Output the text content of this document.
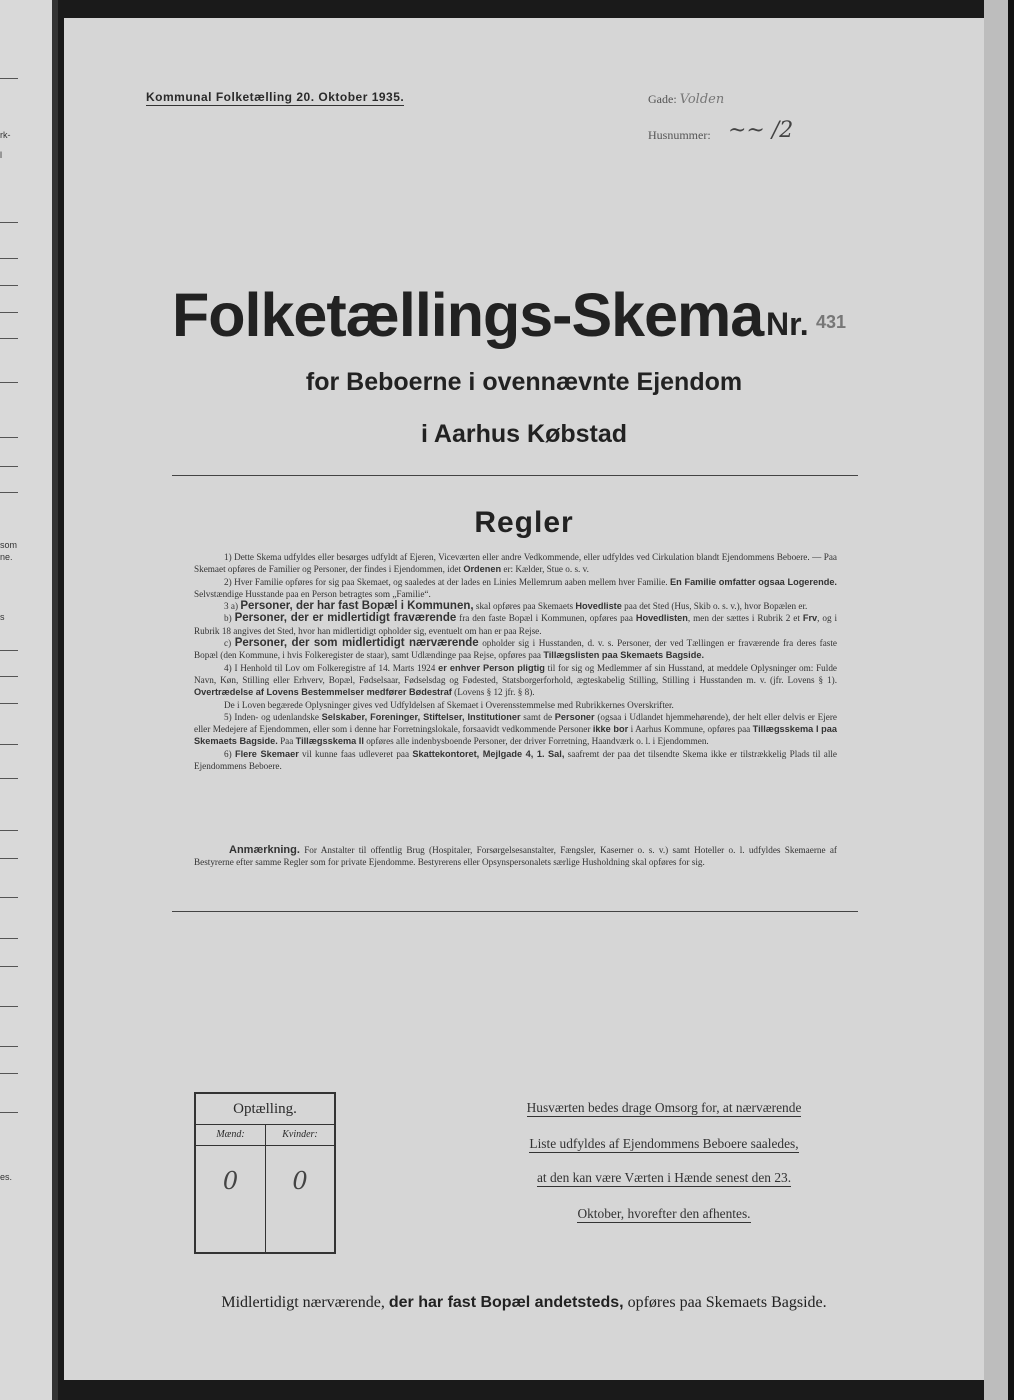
rk-
l
som
ne.
s
es.
Kommunal Folketælling 20. Oktober 1935.	Gade: Volden
Husnummer: ~~ /2
Folketællings-Skema Nr. 431
for Beboerne i ovennævnte Ejendom
i Aarhus Købstad
Regler

1) Dette Skema udfyldes eller besørges udfyldt af Ejeren, Viceværten eller andre Vedkommende, eller udfyldes ved Cirkulation blandt Ejendommens Beboere. — Paa Skemaet opføres de Familier og Personer, der findes i Ejendommen, idet Ordenen er: Kælder, Stue o. s. v.

2) Hver Familie opføres for sig paa Skemaet, og saaledes at der lades en Linies Mellemrum aaben mellem hver Familie. En Familie omfatter ogsaa Logerende. Selvstændige Husstande paa en Person betragtes som „Familie“.

3 a) Personer, der har fast Bopæl i Kommunen, skal opføres paa Skemaets Hovedliste paa det Sted (Hus, Skib o. s. v.), hvor Bopælen er.

b) Personer, der er midlertidigt fraværende fra den faste Bopæl i Kommunen, opføres paa Hovedlisten, men der sættes i Rubrik 2 et Frv, og i Rubrik 18 angives det Sted, hvor han midlertidigt opholder sig, eventuelt om han er paa Rejse.

c) Personer, der som midlertidigt nærværende opholder sig i Husstanden, d. v. s. Personer, der ved Tællingen er fraværende fra deres faste Bopæl (den Kommune, i hvis Folkeregister de staar), samt Udlændinge paa Rejse, opføres paa Tillægslisten paa Skemaets Bagside.

4) I Henhold til Lov om Folkeregistre af 14. Marts 1924 er enhver Person pligtig til for sig og Medlemmer af sin Husstand, at meddele Oplysninger om: Fulde Navn, Køn, Stilling eller Erhverv, Bopæl, Fødselsaar, Fødselsdag og Fødested, Statsborgerforhold, ægteskabelig Stilling, Stilling i Husstanden m. v. (jfr. Lovens § 1). Overtrædelse af Lovens Bestemmelser medfører Bødestraf (Lovens § 12 jfr. § 8).

De i Loven begærede Oplysninger gives ved Udfyldelsen af Skemaet i Overensstemmelse med Rubrikkernes Overskrifter.

5) Inden- og udenlandske Selskaber, Foreninger, Stiftelser, Institutioner samt de Personer (ogsaa i Udlandet hjemmehørende), der helt eller delvis er Ejere eller Medejere af Ejendommen, eller som i denne har Forretningslokale, forsaavidt vedkommende Personer ikke bor i Aarhus Kommune, opføres paa Tillægsskema I paa Skemaets Bagside. Paa Tillægsskema II opføres alle indenbysboende Personer, der driver Forretning, Haandværk o. l. i Ejendommen.

6) Flere Skemaer vil kunne faas udleveret paa Skattekontoret, Mejlgade 4, 1. Sal, saafremt der paa det tilsendte Skema ikke er tilstrækkelig Plads til alle Ejendommens Beboere.

Anmærkning. For Anstalter til offentlig Brug (Hospitaler, Forsørgelsesanstalter, Fængsler, Kaserner o. s. v.) samt Hoteller o. l. udfyldes Skemaerne af Bestyrerne efter samme Regler som for private Ejendomme. Bestyrerens eller Opsynspersonalets særlige Husholdning skal opføres for sig.

Optælling.
Mænd:
0
Kvinder:
0
Husværten bedes drage Omsorg for, at nærværende
Liste udfyldes af Ejendommens Beboere saaledes,
at den kan være Værten i Hænde senest den 23.
Oktober, hvorefter den afhentes.
Midlertidigt nærværende, der har fast Bopæl andetsteds, opføres paa Skemaets Bagside.
